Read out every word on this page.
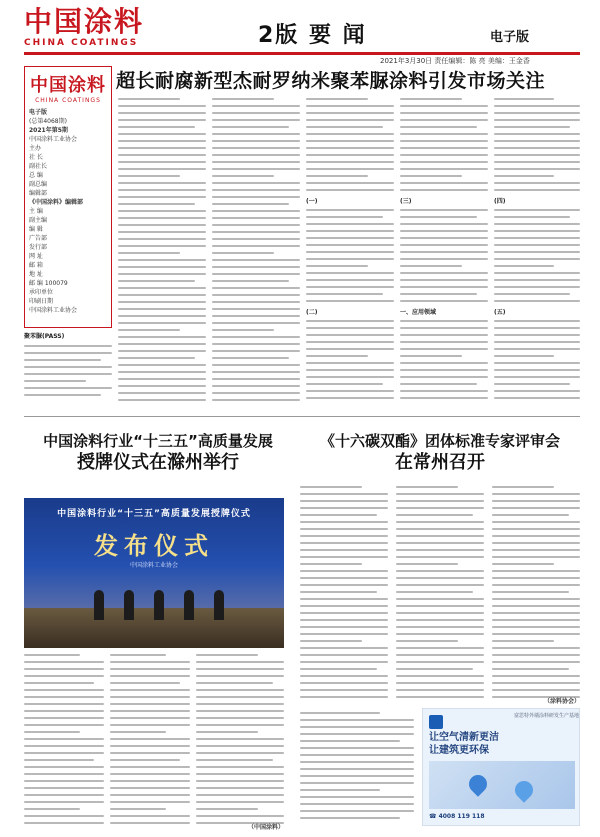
中国涂料
CHINA COATINGS	2版 要 闻	电子版
2021年3月30日 责任编辑：陈 亮 美编：王金香
中国涂料
CHINA COATINGS
电子版
(总第4068期)
2021年第5期
中国涂料工业协会
主办
社 长
副社长
总 编
副总编
编辑部
《中国涂料》编辑部
主 编
副主编
编 辑
广告部
发行部
网 址
邮 箱
地 址
邮 编 100079
承印单位
印刷日期
中国涂料工业协会
聚苯脲(PASS)
超长耐腐新型杰耐罗纳米聚苯脲涂料引发市场关注
(一)
(二)
(三)
一、应用领域
(四)
(五)
中国涂料行业“十三五”高质量发展
授牌仪式在滁州举行
《十六碳双酯》团体标准专家评审会
在常州召开
中国涂料行业“十三五”高质量发展授牌仪式
发布仪式
中国涂料工业协会
（中国涂料）
（涂料协会）
富思特外墙涂料研发生产基地
让空气清新更洁
让建筑更环保
☎ 4008 119 118
